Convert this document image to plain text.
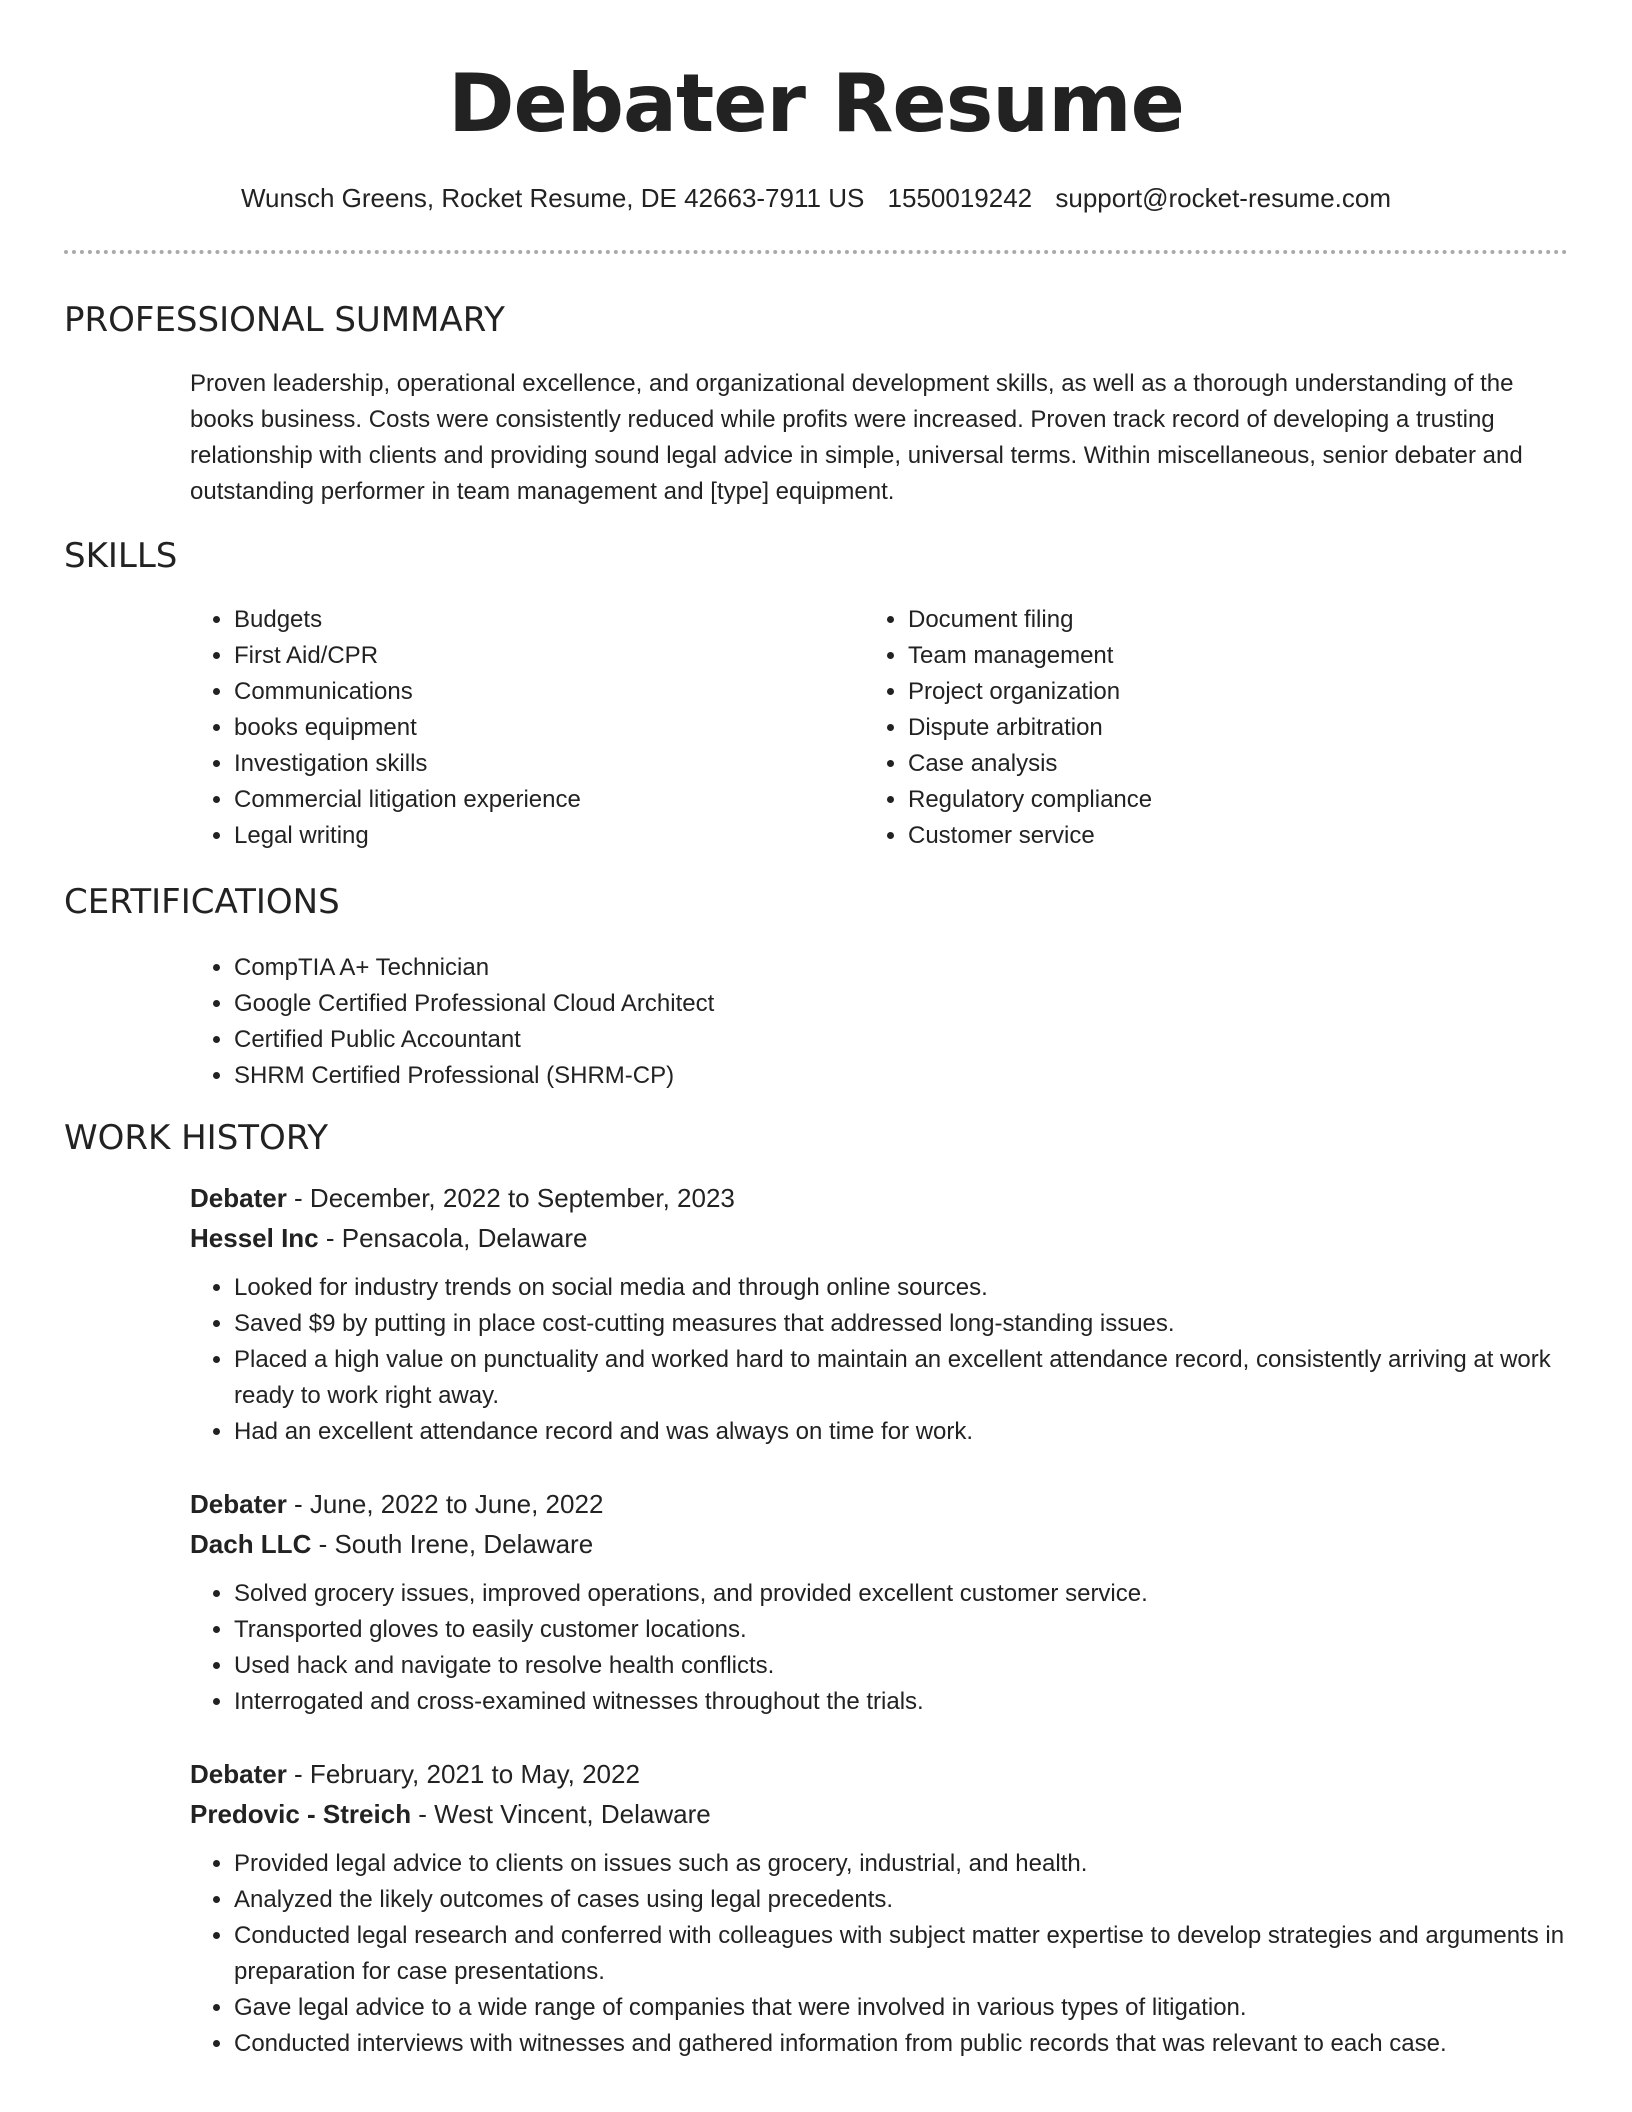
Debater Resume
Wunsch Greens, Rocket Resume, DE 42663-7911 US 1550019242 support@rocket-resume.com
PROFESSIONAL SUMMARY

Proven leadership, operational excellence, and organizational development skills, as well as a thorough understanding of the books business. Costs were consistently reduced while profits were increased. Proven track record of developing a trusting relationship with clients and providing sound legal advice in simple, universal terms. Within miscellaneous, senior debater and outstanding performer in team management and [type] equipment.

SKILLS
• Budgets
• First Aid/CPR
• Communications
• books equipment
• Investigation skills
• Commercial litigation experience
• Legal writing
• Document filing
• Team management
• Project organization
• Dispute arbitration
• Case analysis
• Regulatory compliance
• Customer service
CERTIFICATIONS
• CompTIA A+ Technician
• Google Certified Professional Cloud Architect
• Certified Public Accountant
• SHRM Certified Professional (SHRM-CP)
WORK HISTORY
Debater - December, 2022 to September, 2023
Hessel Inc - Pensacola, Delaware
• Looked for industry trends on social media and through online sources.
• Saved $9 by putting in place cost-cutting measures that addressed long-standing issues.
• Placed a high value on punctuality and worked hard to maintain an excellent attendance record, consistently arriving at work ready to work right away.
• Had an excellent attendance record and was always on time for work.
Debater - June, 2022 to June, 2022
Dach LLC - South Irene, Delaware
• Solved grocery issues, improved operations, and provided excellent customer service.
• Transported gloves to easily customer locations.
• Used hack and navigate to resolve health conflicts.
• Interrogated and cross-examined witnesses throughout the trials.
Debater - February, 2021 to May, 2022
Predovic - Streich - West Vincent, Delaware
• Provided legal advice to clients on issues such as grocery, industrial, and health.
• Analyzed the likely outcomes of cases using legal precedents.
• Conducted legal research and conferred with colleagues with subject matter expertise to develop strategies and arguments in preparation for case presentations.
• Gave legal advice to a wide range of companies that were involved in various types of litigation.
• Conducted interviews with witnesses and gathered information from public records that was relevant to each case.
